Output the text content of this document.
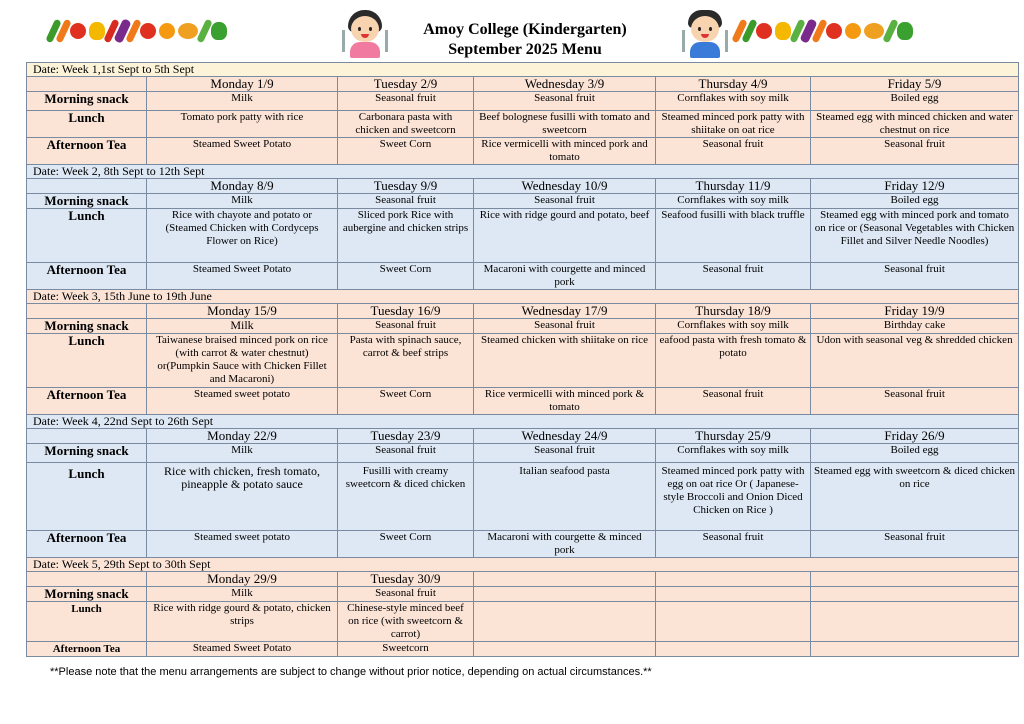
Amoy College (Kindergarten)
September 2025 Menu
Date: Week 1,1st Sept to 5th Sept					
	Monday 1/9	Tuesday 2/9	Wednesday 3/9	Thursday 4/9	Friday 5/9
Morning snack	Milk	Seasonal fruit	Seasonal fruit	Cornflakes with soy milk	Boiled egg
Lunch	Tomato pork patty with rice	Carbonara pasta with chicken and sweetcorn	Beef bolognese fusilli with tomato and sweetcorn	Steamed minced pork patty with shiitake on oat rice	Steamed egg with minced chicken and water chestnut on rice
Afternoon Tea	Steamed Sweet Potato	Sweet Corn	Rice vermicelli with minced pork and tomato	Seasonal fruit	Seasonal fruit
Date: Week 2, 8th Sept to 12th Sept					
	Monday 8/9	Tuesday 9/9	Wednesday 10/9	Thursday 11/9	Friday 12/9
Morning snack	Milk	Seasonal fruit	Seasonal fruit	Cornflakes with soy milk	Boiled egg
Lunch	Rice with chayote and potato or (Steamed Chicken with Cordyceps Flower on Rice)	Sliced pork Rice with aubergine and chicken strips	Rice with ridge gourd and potato, beef	Seafood fusilli with black truffle	Steamed egg with minced pork and tomato on rice or (Seasonal Vegetables with Chicken Fillet and Silver Needle Noodles)
Afternoon Tea	Steamed Sweet Potato	Sweet Corn	Macaroni with courgette and minced pork	Seasonal fruit	Seasonal fruit
Date: Week 3, 15th June to 19th June					
	Monday 15/9	Tuesday 16/9	Wednesday 17/9	Thursday 18/9	Friday 19/9
Morning snack	Milk	Seasonal fruit	Seasonal fruit	Cornflakes with soy milk	Birthday cake
Lunch	Taiwanese braised minced pork on rice (with carrot & water chestnut) or(Pumpkin Sauce with Chicken Fillet and Macaroni)	Pasta with spinach sauce, carrot & beef strips	Steamed chicken with shiitake on rice	eafood pasta with fresh tomato & potato	Udon with seasonal veg & shredded chicken
Afternoon Tea	Steamed sweet potato	Sweet Corn	Rice vermicelli with minced pork & tomato	Seasonal fruit	Seasonal fruit
Date: Week 4, 22nd Sept to 26th Sept					
	Monday 22/9	Tuesday 23/9	Wednesday 24/9	Thursday 25/9	Friday 26/9
Morning snack	Milk	Seasonal fruit	Seasonal fruit	Cornflakes with soy milk	Boiled egg
Lunch	Rice with chicken, fresh tomato, pineapple & potato sauce	Fusilli with creamy sweetcorn & diced chicken	Italian seafood pasta	Steamed minced pork patty with egg on oat rice Or ( Japanese-style Broccoli and Onion Diced Chicken on Rice )	Steamed egg with sweetcorn & diced chicken on rice
Afternoon Tea	Steamed sweet potato	Sweet Corn	Macaroni with courgette & minced pork	Seasonal fruit	Seasonal fruit
Date: Week 5, 29th Sept to 30th Sept					
	Monday 29/9	Tuesday 30/9			
Morning snack	Milk	Seasonal fruit			
Lunch	Rice with ridge gourd & potato, chicken strips	Chinese-style minced beef on rice (with sweetcorn & carrot)			
Afternoon Tea	Steamed Sweet Potato	Sweetcorn			
**Please note that the menu arrangements are subject to change without prior notice, depending on actual circumstances.**
